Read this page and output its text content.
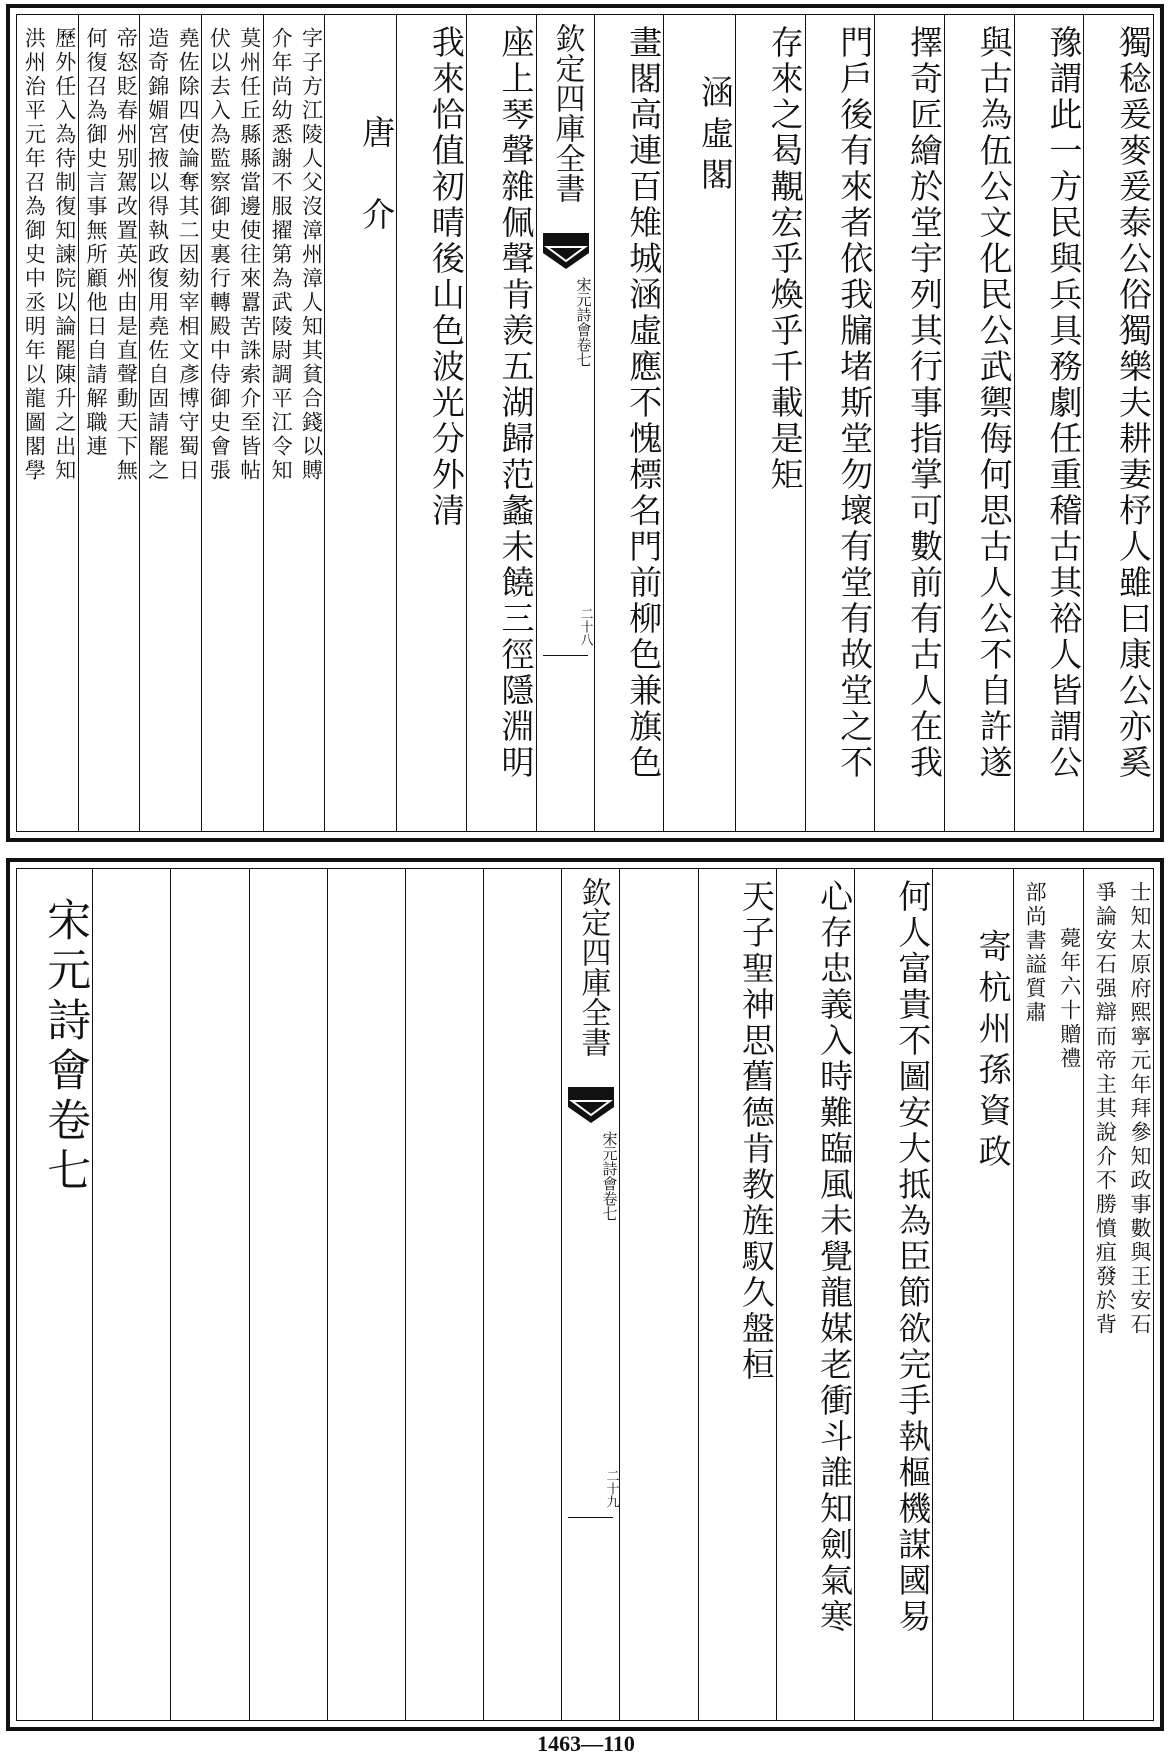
獨稔爰麥爰泰公俗獨樂夫耕妻杼人雖曰康公亦奚
豫謂此一方民與兵具務劇任重稽古其裕人皆謂公
與古為伍公文化民公武禦侮何思古人公不自許遂
擇奇匠繪於堂宇列其行事指掌可數前有古人在我
門戶後有來者依我牖堵斯堂勿壞有堂有故堂之不
存來之曷覯宏乎煥乎千載是矩
涵虛閣
畫閣高連百雉城涵虛應不愧標名門前柳色兼旗色
欽定四庫全書
宋元詩會卷七
二十八
座上琴聲雜佩聲肯羨五湖歸范蠡未饒三徑隱淵明
我來恰值初晴後山色波光分外清
唐　介
字子方江陵人父沒漳州漳人知其貧合錢以賻
介年尚幼悉謝不服擢第為武陵尉調平江令知
莫州任丘縣縣當邊使往來囂苦誅索介至皆帖
伏以去入為監察御史裏行轉殿中侍御史會張
堯佐除四使論奪其二因劾宰相文彥博守蜀日
造奇錦媚宮掖以得執政復用堯佐自固請罷之
帝怒貶春州别駕改置英州由是直聲動天下無
何復召為御史言事無所顧他日自請解職連
歷外任入為待制復知諫院以論罷陳升之出知
洪州治平元年召為御史中丞明年以龍圖閣學
士知太原府熙寧元年拜參知政事數與王安石
爭論安石强辯而帝主其說介不勝憤疽發於背
薨年六十贈禮
部尚書謚質肅
寄杭州孫資政
何人富貴不圖安大抵為臣節欲完手執樞機謀國易
心存忠義入時難臨風未覺龍媒老衝斗誰知劍氣寒
天子聖神思舊德肯教旌馭久盤桓
欽定四庫全書
宋元詩會卷七
二十九
宋元詩會卷七
1463—110
